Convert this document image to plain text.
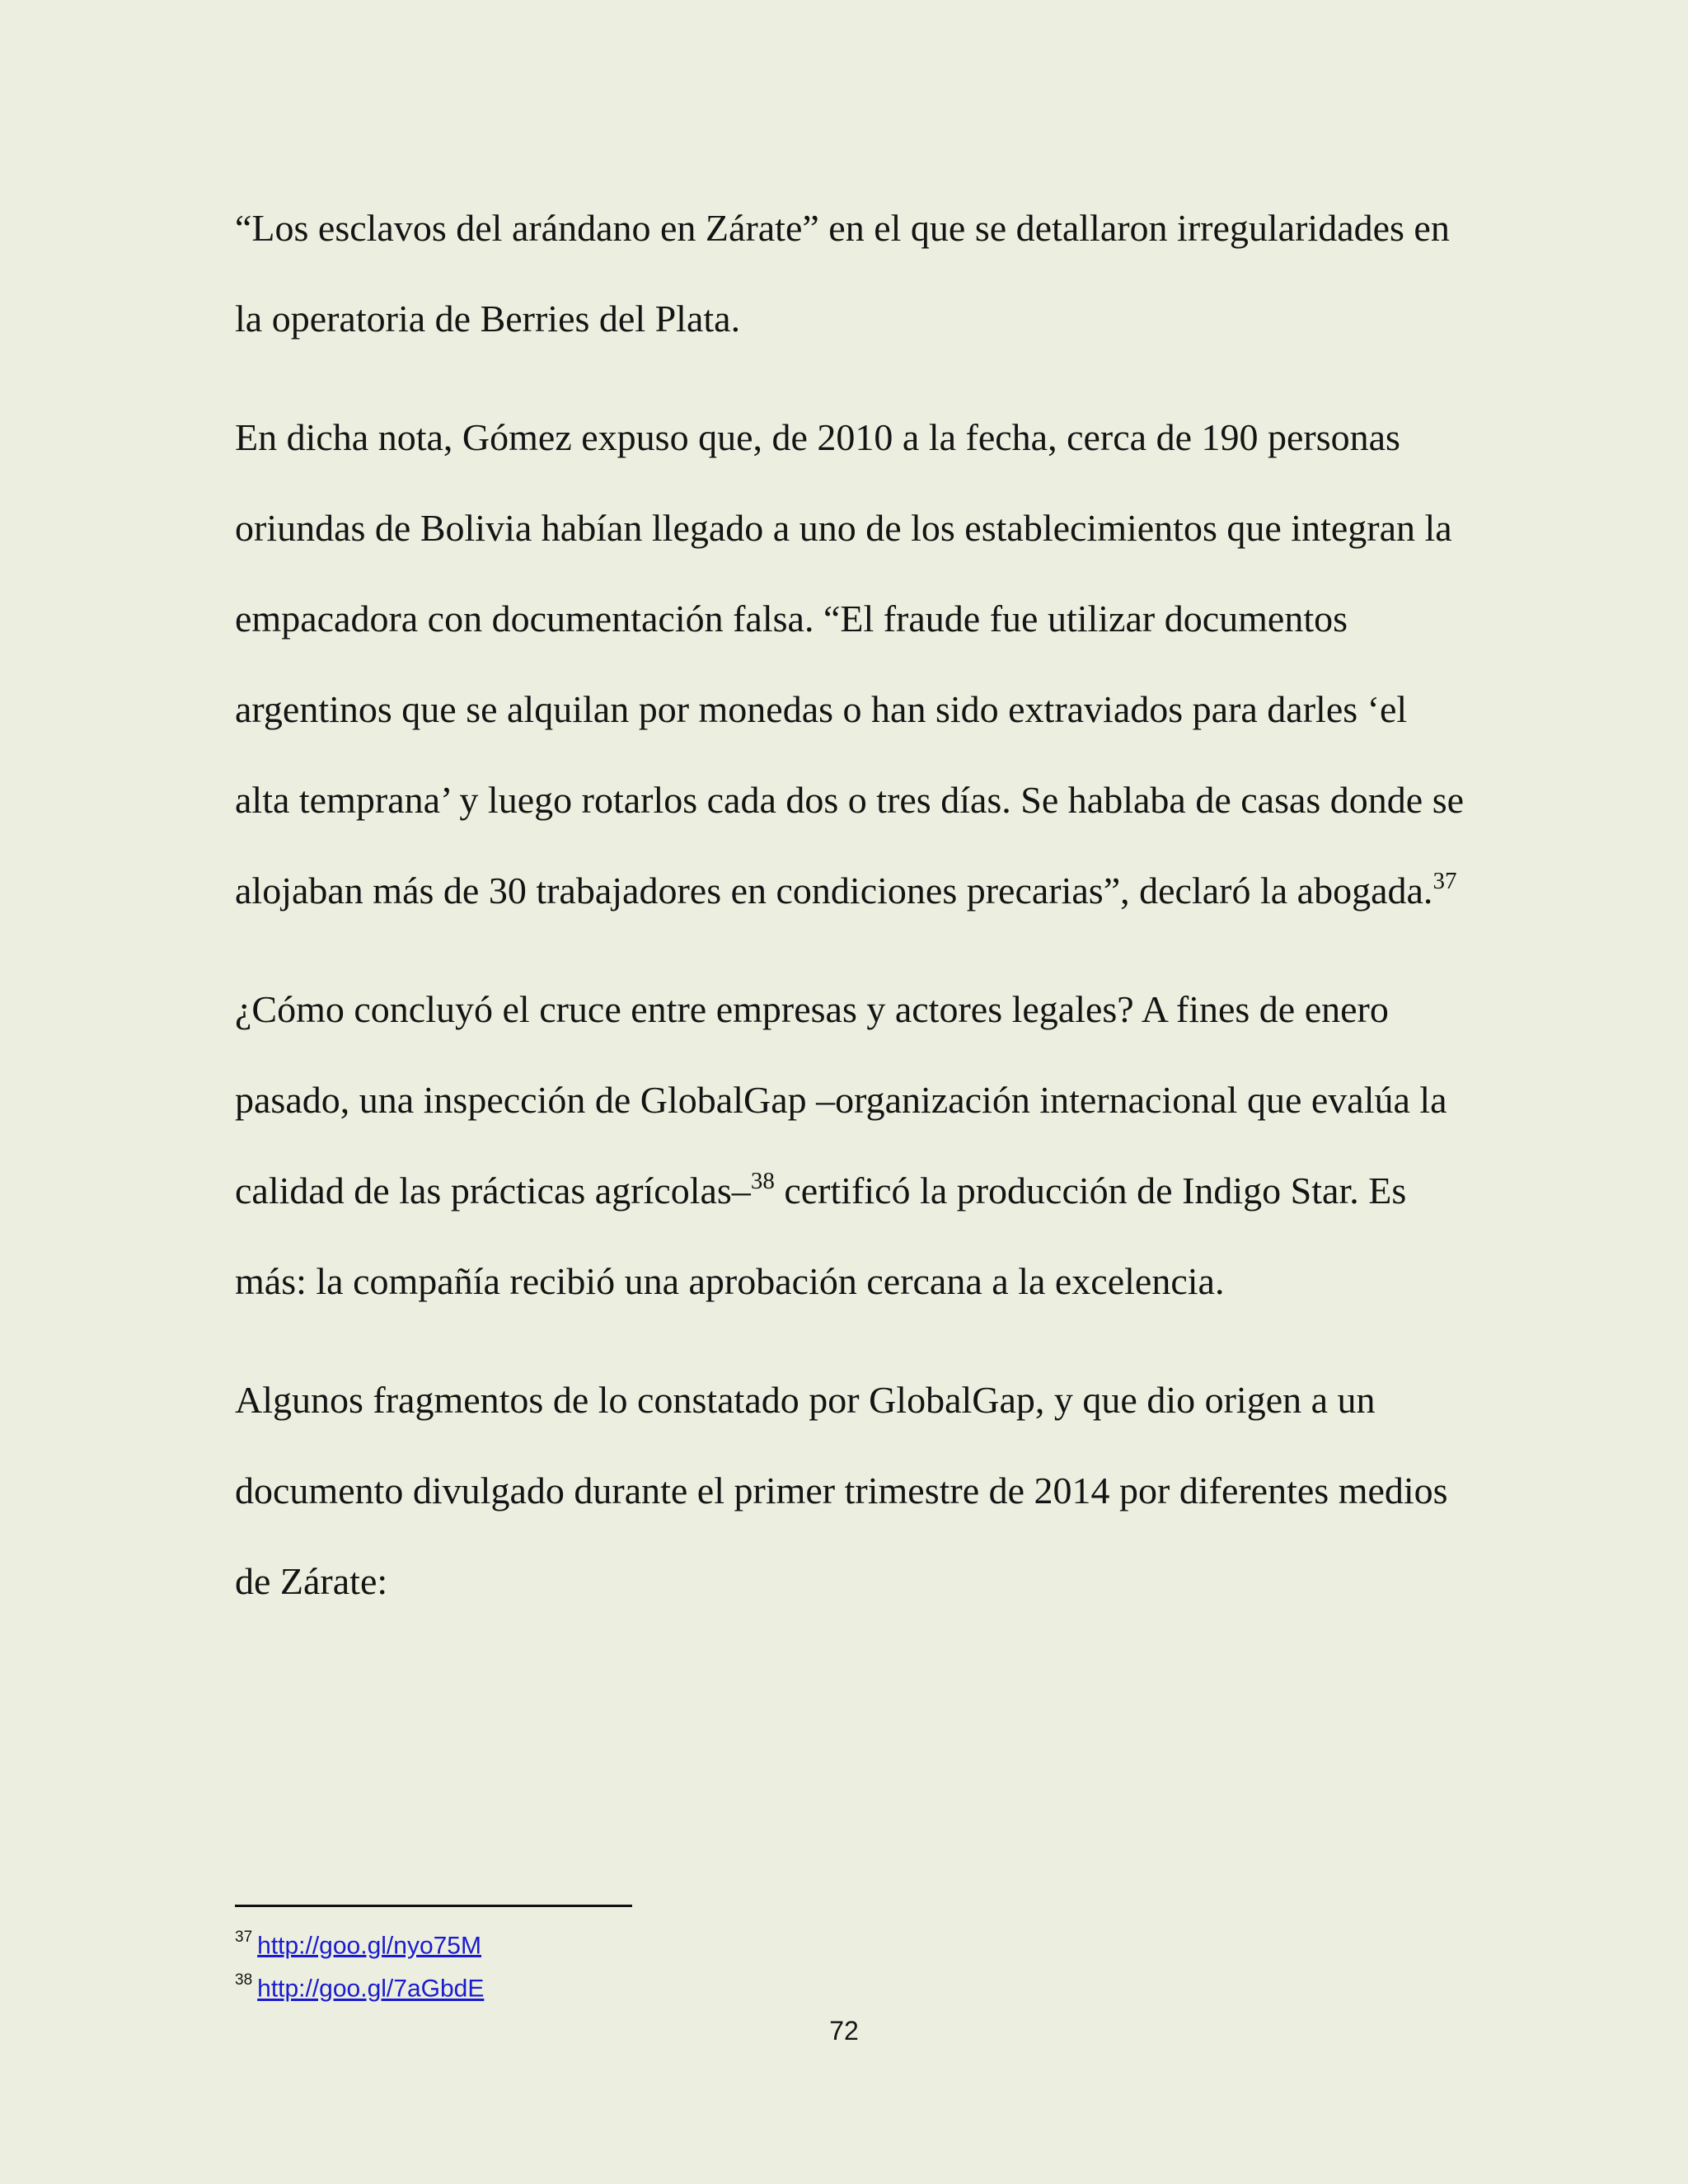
“Los esclavos del arándano en Zárate” en el que se detallaron irregularidades en la operatoria de Berries del Plata.

En dicha nota, Gómez expuso que, de 2010 a la fecha, cerca de 190 personas oriundas de Bolivia habían llegado a uno de los establecimientos que integran la empacadora con documentación falsa. “El fraude fue utilizar documentos argentinos que se alquilan por monedas o han sido extraviados para darles ‘el alta temprana’ y luego rotarlos cada dos o tres días. Se hablaba de casas donde se alojaban más de 30 trabajadores en condiciones precarias”, declaró la abogada.$^{37}$

¿Cómo concluyó el cruce entre empresas y actores legales? A fines de enero pasado, una inspección de GlobalGap –organización internacional que evalúa la calidad de las prácticas agrícolas–$^{38}$ certificó la producción de Indigo Star. Es más: la compañía recibió una aprobación cercana a la excelencia.

Algunos fragmentos de lo constatado por GlobalGap, y que dio origen a un documento divulgado durante el primer trimestre de 2014 por diferentes medios de Zárate:

$^{37}$ http://goo.gl/nyo75M

$^{38}$ http://goo.gl/7aGbdE

72
